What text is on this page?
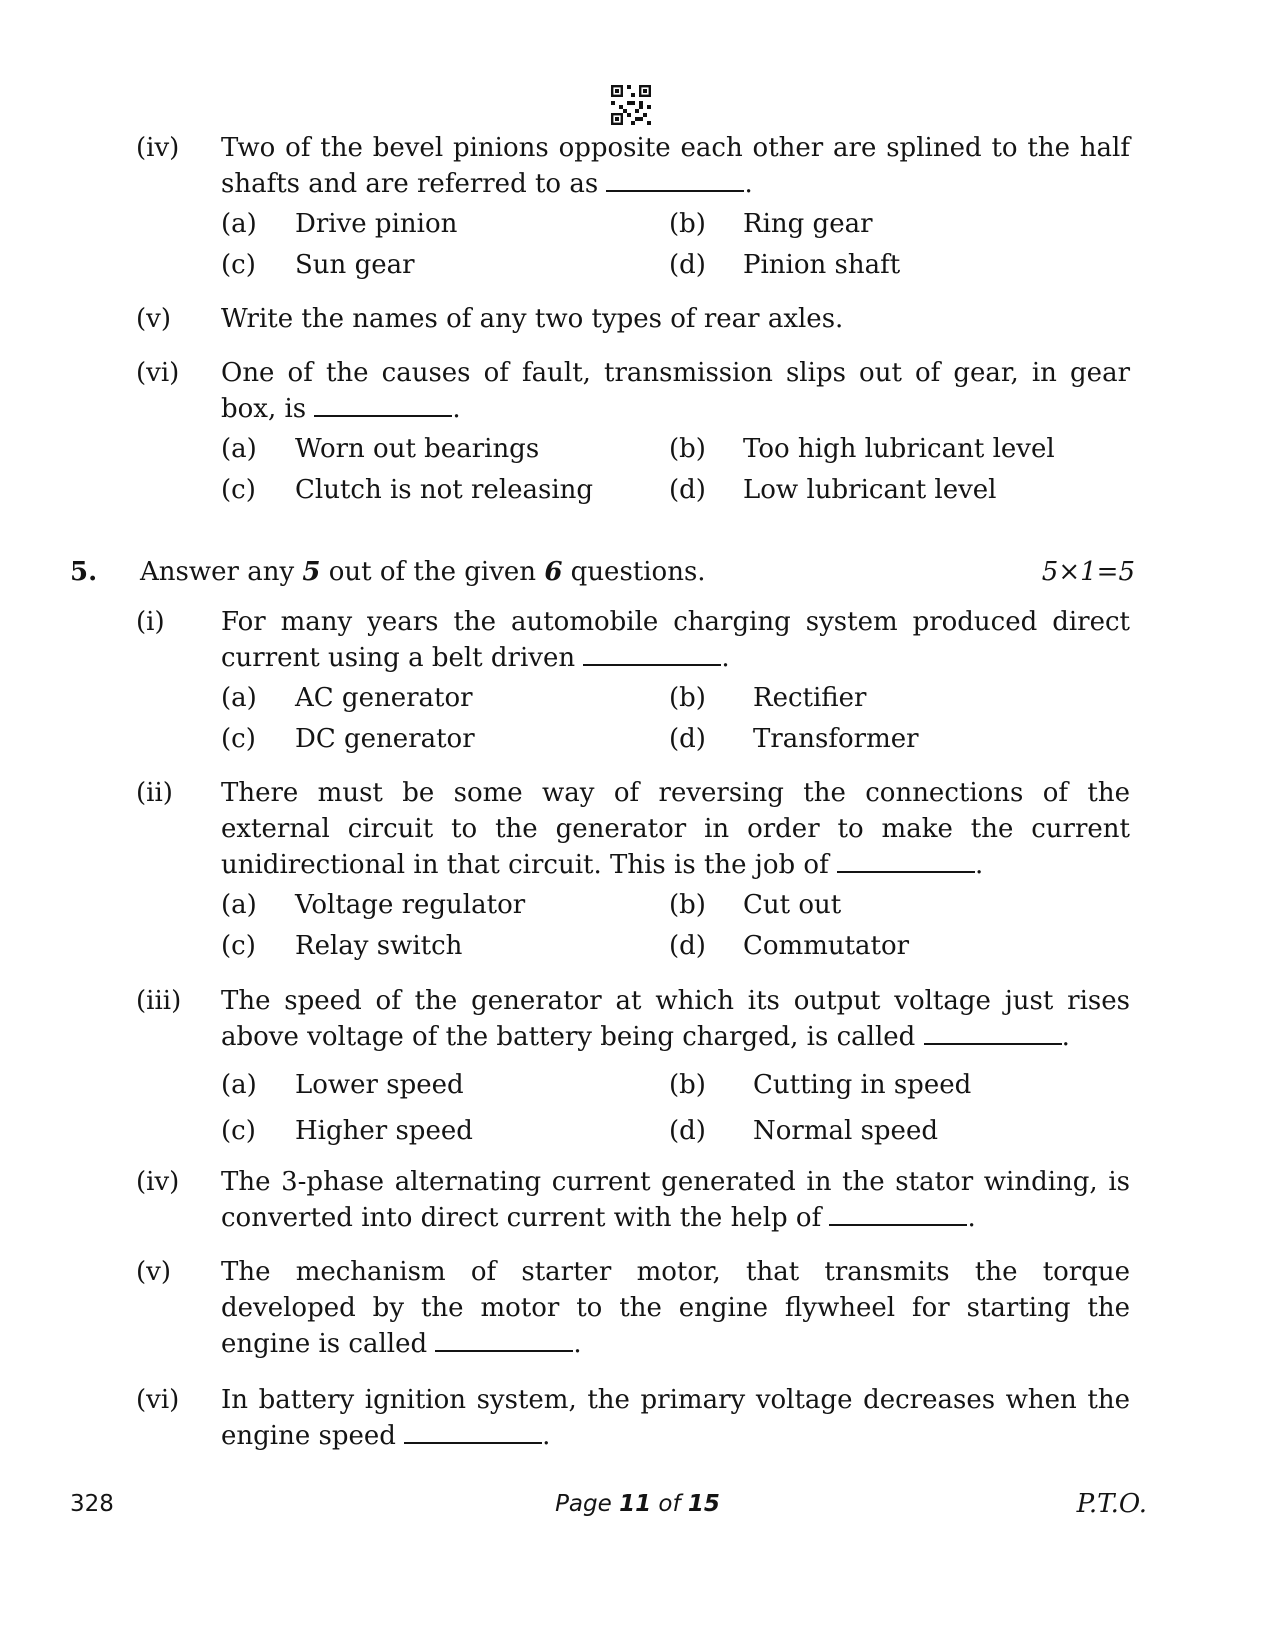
(iv)	Two of the bevel pinions opposite each other are splined to the half shafts and are referred to as	.
(a) Drive pinion	(b) Ring gear
(c) Sun gear	(d) Pinion shaft
(v)	Write the names of any two types of rear axles.
(vi)	One of the causes of fault, transmission slips out of gear, in gear box, is	.
(a) Worn out bearings	(b) Too high lubricant level
(c) Clutch is not releasing	(d) Low lubricant level
5. Answer any 5 out of the given 6 questions.	5×1=5
(i)	For many years the automobile charging system produced direct current using a belt driven	.
(a) AC generator	(b) Rectifier
(c) DC generator	(d) Transformer
(ii)	There must be some way of reversing the connections of the external circuit to the generator in order to make the current unidirectional in that circuit. This is the job of	.
(a) Voltage regulator	(b) Cut out
(c) Relay switch	(d) Commutator
(iii)	The speed of the generator at which its output voltage just rises above voltage of the battery being charged, is called	.
(a) Lower speed	(b) Cutting in speed
(c) Higher speed	(d) Normal speed
(iv)	The 3-phase alternating current generated in the stator winding, is converted into direct current with the help of	.
(v)	The mechanism of starter motor, that transmits the torque developed by the motor to the engine flywheel for starting the engine is called	.
(vi)	In battery ignition system, the primary voltage decreases when the engine speed	.
328	Page 11 of 15	P.T.O.
